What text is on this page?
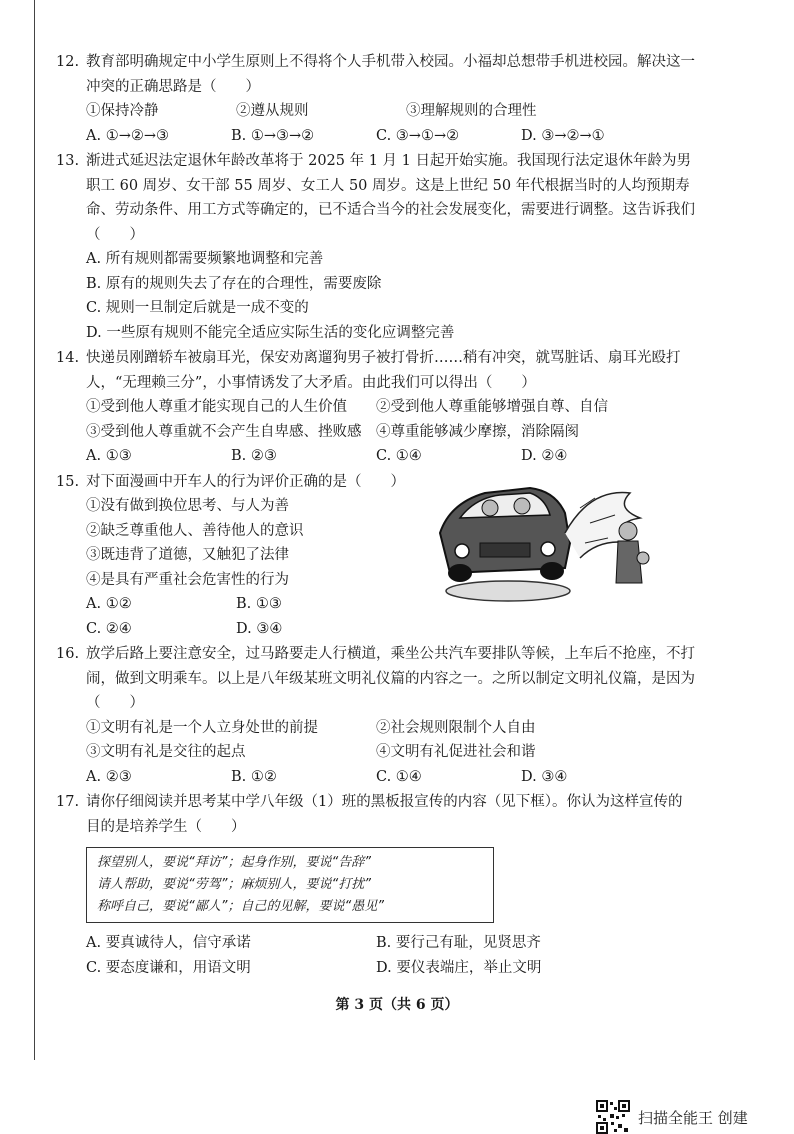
12. 教育部明确规定中小学生原则上不得将个人手机带入校园。小福却总想带手机进校园。解决这一冲突的正确思路是（　　）
①保持冷静	②遵从规则	③理解规则的合理性
A. ①→②→③	B. ①→③→②	C. ③→①→②	D. ③→②→①
13. 渐进式延迟法定退休年龄改革将于 2025 年 1 月 1 日起开始实施。我国现行法定退休年龄为男职工 60 周岁、女干部 55 周岁、女工人 50 周岁。这是上世纪 50 年代根据当时的人均预期寿命、劳动条件、用工方式等确定的，已不适合当今的社会发展变化，需要进行调整。这告诉我们（　　）
A. 所有规则都需要频繁地调整和完善
B. 原有的规则失去了存在的合理性，需要废除
C. 规则一旦制定后就是一成不变的
D. 一些原有规则不能完全适应实际生活的变化应调整完善
14. 快递员刚蹭轿车被扇耳光，保安劝离遛狗男子被打骨折……稍有冲突，就骂脏话、扇耳光殴打人，“无理赖三分”，小事情诱发了大矛盾。由此我们可以得出（　　）
①受到他人尊重才能实现自己的人生价值	②受到他人尊重能够增强自尊、自信
③受到他人尊重就不会产生自卑感、挫败感	④尊重能够减少摩擦，消除隔阂
A. ①③	B. ②③	C. ①④	D. ②④
15. 对下面漫画中开车人的行为评价正确的是（　　）
①没有做到换位思考、与人为善
②缺乏尊重他人、善待他人的意识
③既违背了道德，又触犯了法律
④是具有严重社会危害性的行为
A. ①②	B. ①③
C. ②④	D. ③④
16. 放学后路上要注意安全，过马路要走人行横道，乘坐公共汽车要排队等候，上车后不抢座，不打闹，做到文明乘车。以上是八年级某班文明礼仪篇的内容之一。之所以制定文明礼仪篇，是因为（　　）
①文明有礼是一个人立身处世的前提	②社会规则限制个人自由
③文明有礼是交往的起点	④文明有礼促进社会和谐
A. ②③	B. ①②	C. ①④	D. ③④
17. 请你仔细阅读并思考某中学八年级（1）班的黑板报宣传的内容（见下框）。你认为这样宣传的目的是培养学生（　　）
探望别人，要说“拜访”；起身作别，要说“告辞”
请人帮助，要说“劳驾”；麻烦别人，要说“打扰”
称呼自己，要说“鄙人”；自己的见解，要说“愚见”
A. 要真诚待人，信守承诺	B. 要行己有耻，见贤思齐
C. 要态度谦和，用语文明	D. 要仪表端庄，举止文明
第 3 页（共 6 页）
扫描全能王 创建
